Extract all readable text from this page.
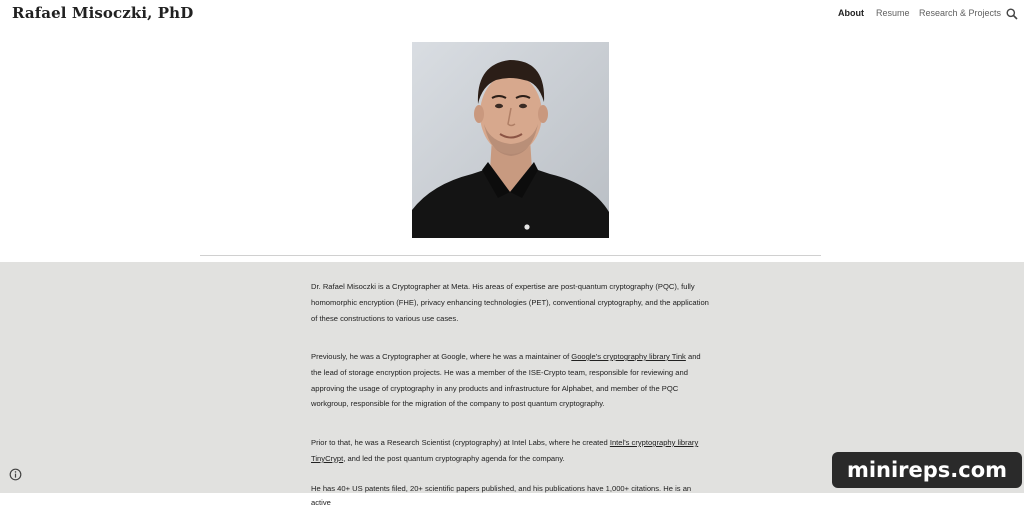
Rafael Misoczki, PhD	About Resume Research & Projects

Dr. Rafael Misoczki is a Cryptographer at Meta. His areas of expertise are post-quantum cryptography (PQC), fully homomorphic encryption (FHE), privacy enhancing technologies (PET), conventional cryptography, and the application of these constructions to various use cases.

Previously, he was a Cryptographer at Google, where he was a maintainer of Google's cryptography library Tink and the lead of storage encryption projects. He was a member of the ISE-Crypto team, responsible for reviewing and approving the usage of cryptography in any products and infrastructure for Alphabet, and member of the PQC workgroup, responsible for the migration of the company to post quantum cryptography.

Prior to that, he was a Research Scientist (cryptography) at Intel Labs, where he created Intel's cryptography library TinyCrypt, and led the post quantum cryptography agenda for the company.

He has 40+ US patents filed, 20+ scientific papers published, and his publications have 1,000+ citations. He is an active

minireps.com
